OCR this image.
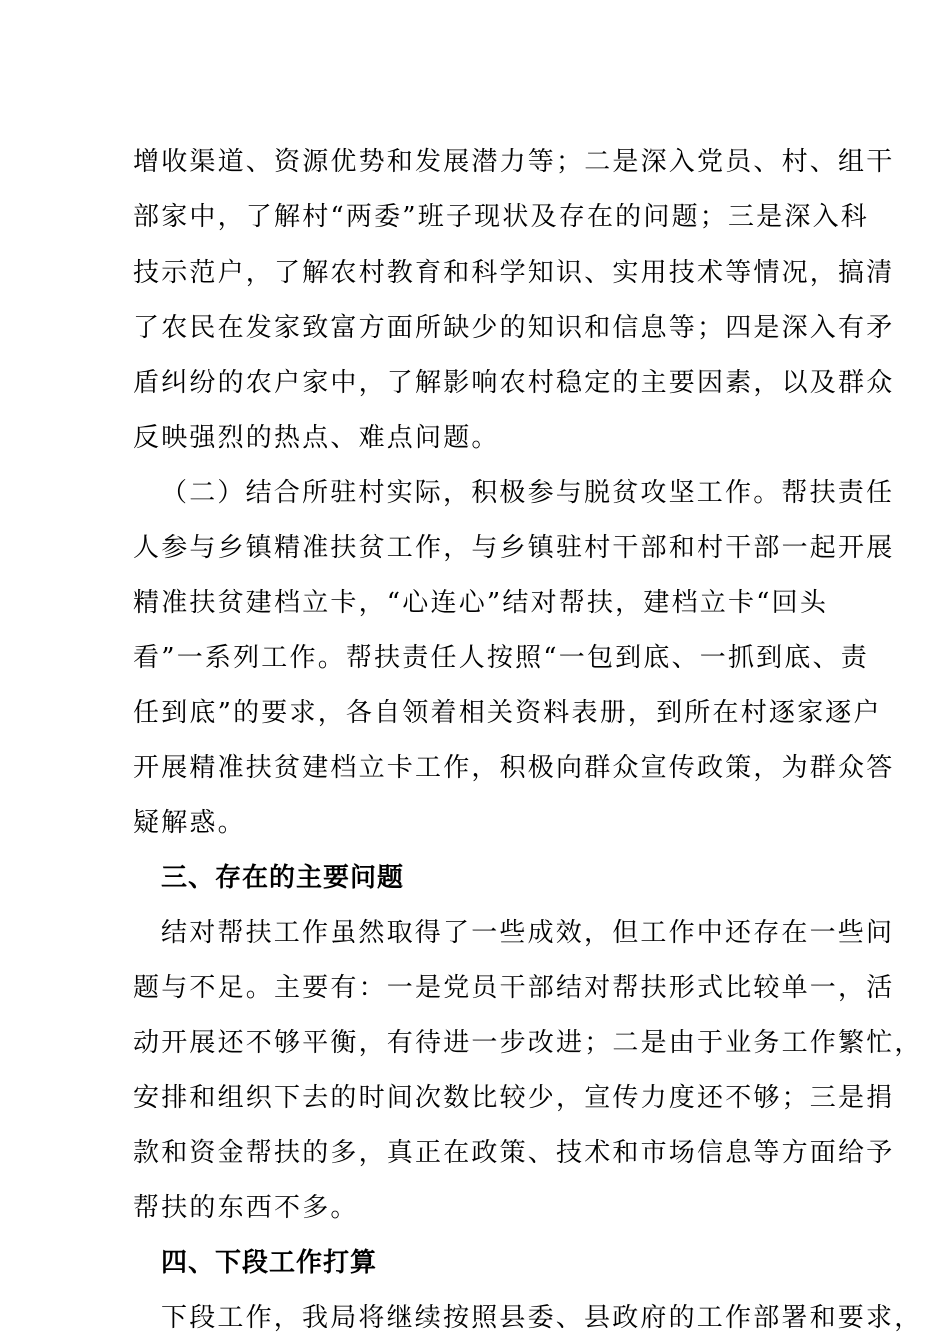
增收渠道、资源优势和发展潜力等；二是深入党员、村、组干
部家中，了解村“两委”班子现状及存在的问题；三是深入科
技示范户，了解农村教育和科学知识、实用技术等情况，搞清
了农民在发家致富方面所缺少的知识和信息等；四是深入有矛
盾纠纷的农户家中，了解影响农村稳定的主要因素，以及群众
反映强烈的热点、难点问题。
（二）结合所驻村实际，积极参与脱贫攻坚工作。帮扶责任
人参与乡镇精准扶贫工作，与乡镇驻村干部和村干部一起开展
精准扶贫建档立卡，“心连心”结对帮扶，建档立卡“回头
看”一系列工作。帮扶责任人按照“一包到底、一抓到底、责
任到底”的要求，各自领着相关资料表册，到所在村逐家逐户
开展精准扶贫建档立卡工作，积极向群众宣传政策，为群众答
疑解惑。
三、存在的主要问题
结对帮扶工作虽然取得了一些成效，但工作中还存在一些问
题与不足。主要有：一是党员干部结对帮扶形式比较单一，活
动开展还不够平衡，有待进一步改进；二是由于业务工作繁忙，
安排和组织下去的时间次数比较少，宣传力度还不够；三是捐
款和资金帮扶的多，真正在政策、技术和市场信息等方面给予
帮扶的东西不多。
四、下段工作打算
下段工作，我局将继续按照县委、县政府的工作部署和要求，
